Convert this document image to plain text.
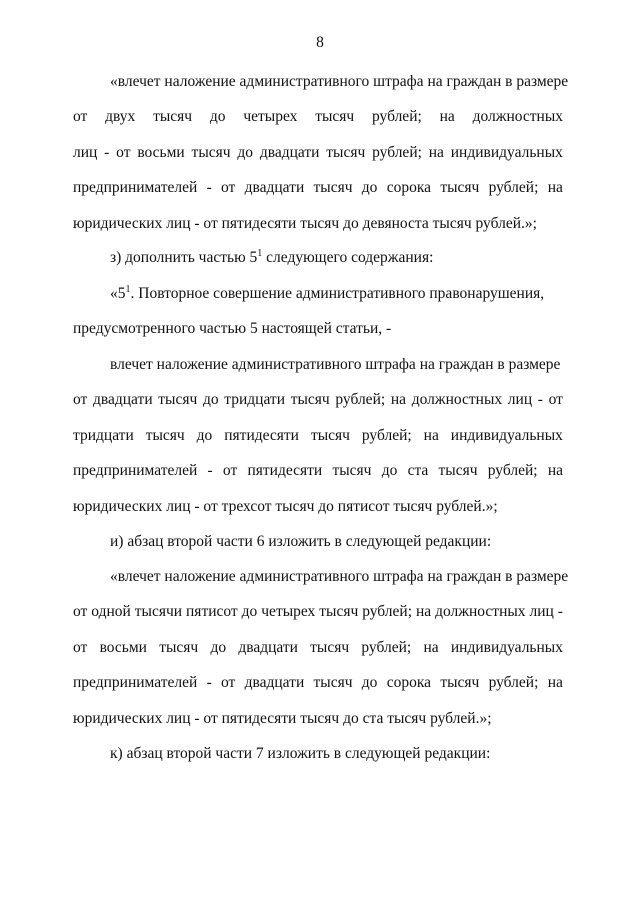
8
«влечет наложение административного штрафа на граждан в размере
от двух тысяч до четырех тысяч рублей; на должностных
лиц - от восьми тысяч до двадцати тысяч рублей; на индивидуальных
предпринимателей - от двадцати тысяч до сорока тысяч рублей; на
юридических лиц - от пятидесяти тысяч до девяноста тысяч рублей.»;
з) дополнить частью $5^1$ следующего содержания:
«$5^1$. Повторное совершение административного правонарушения,
предусмотренного частью 5 настоящей статьи, -
влечет наложение административного штрафа на граждан в размере
от двадцати тысяч до тридцати тысяч рублей; на должностных лиц - от
тридцати тысяч до пятидесяти тысяч рублей; на индивидуальных
предпринимателей - от пятидесяти тысяч до ста тысяч рублей; на
юридических лиц - от трехсот тысяч до пятисот тысяч рублей.»;
и) абзац второй части 6 изложить в следующей редакции:
«влечет наложение административного штрафа на граждан в размере
от одной тысячи пятисот до четырех тысяч рублей; на должностных лиц -
от восьми тысяч до двадцати тысяч рублей; на индивидуальных
предпринимателей - от двадцати тысяч до сорока тысяч рублей; на
юридических лиц - от пятидесяти тысяч до ста тысяч рублей.»;
к) абзац второй части 7 изложить в следующей редакции:
